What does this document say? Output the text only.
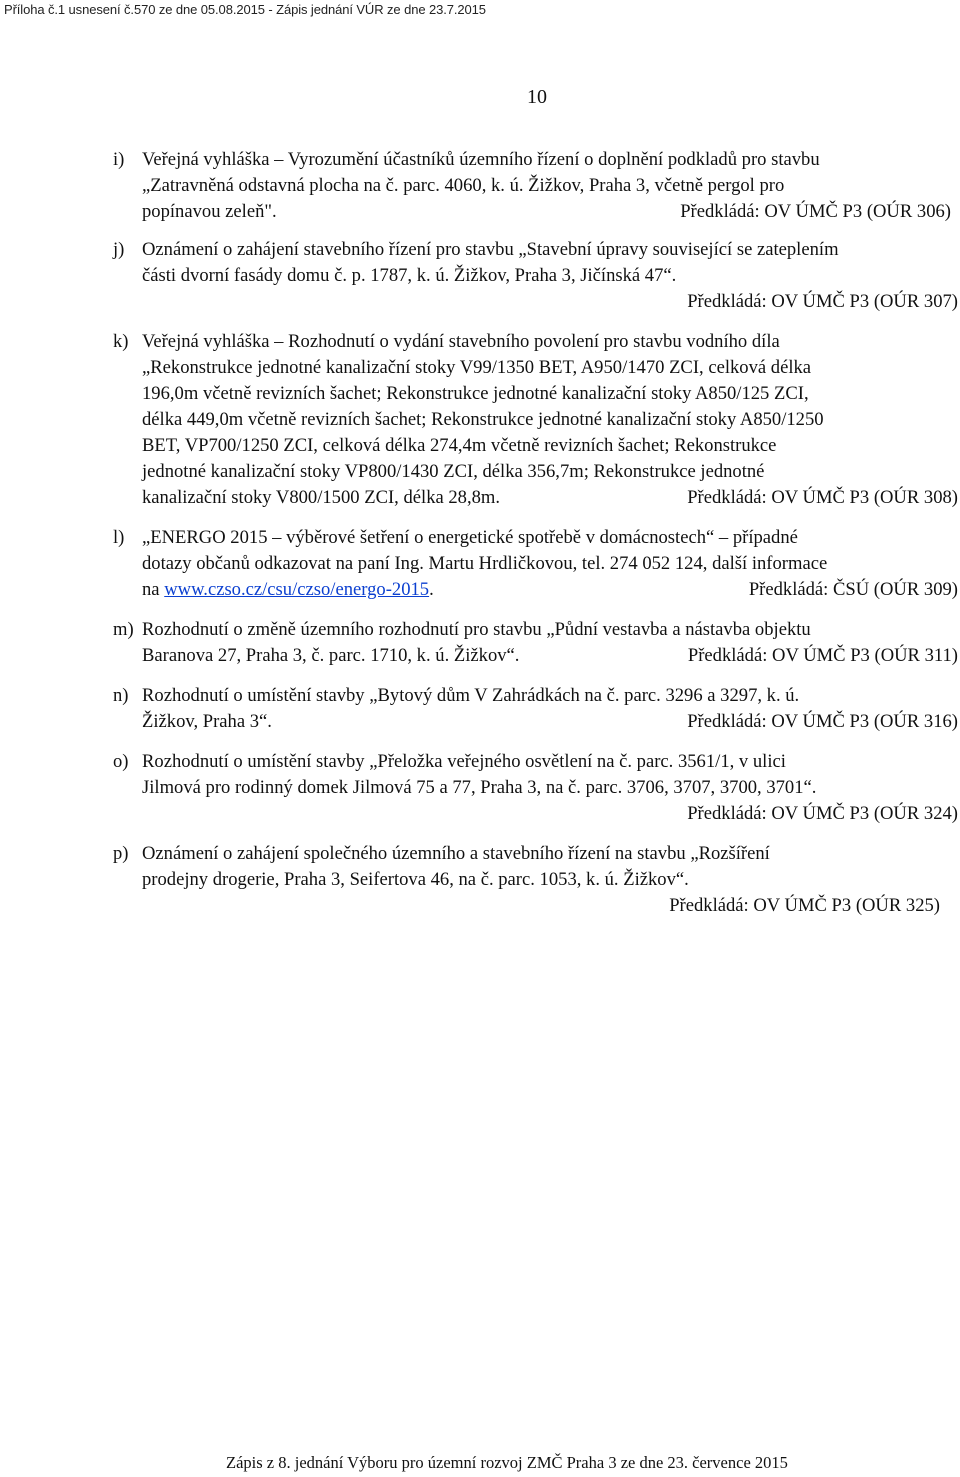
Příloha č.1 usnesení č.570 ze dne 05.08.2015 - Zápis jednání VÚR ze dne 23.7.2015
10
i) Veřejná vyhláška – Vyrozumění účastníků územního řízení o doplnění podkladů pro stavbu
„Zatravněná odstavná plocha na č. parc. 4060, k. ú. Žižkov, Praha 3, včetně pergol pro
popínavou zeleň".	Předkládá: OV ÚMČ P3 (OÚR 306)
j) Oznámení o zahájení stavebního řízení pro stavbu „Stavební úpravy související se zateplením
části dvorní fasády domu č. p. 1787, k. ú. Žižkov, Praha 3, Jičínská 47“.
Předkládá: OV ÚMČ P3 (OÚR 307)
k) Veřejná vyhláška – Rozhodnutí o vydání stavebního povolení pro stavbu vodního díla
„Rekonstrukce jednotné kanalizační stoky V99/1350 BET, A950/1470 ZCI, celková délka
196,0m včetně revizních šachet; Rekonstrukce jednotné kanalizační stoky A850/125 ZCI,
délka 449,0m včetně revizních šachet; Rekonstrukce jednotné kanalizační stoky A850/1250
BET, VP700/1250 ZCI, celková délka 274,4m včetně revizních šachet; Rekonstrukce
jednotné kanalizační stoky VP800/1430 ZCI, délka 356,7m; Rekonstrukce jednotné
kanalizační stoky V800/1500 ZCI, délka 28,8m.	Předkládá: OV ÚMČ P3 (OÚR 308)
l) „ENERGO 2015 – výběrové šetření o energetické spotřebě v domácnostech“ – případné
dotazy občanů odkazovat na paní Ing. Martu Hrdličkovou, tel. 274 052 124, další informace
na www.czso.cz/csu/czso/energo-2015.	Předkládá: ČSÚ (OÚR 309)
m) Rozhodnutí o změně územního rozhodnutí pro stavbu „Půdní vestavba a nástavba objektu
Baranova 27, Praha 3, č. parc. 1710, k. ú. Žižkov“.	Předkládá: OV ÚMČ P3 (OÚR 311)
n) Rozhodnutí o umístění stavby „Bytový dům V Zahrádkách na č. parc. 3296 a 3297, k. ú.
Žižkov, Praha 3“.	Předkládá: OV ÚMČ P3 (OÚR 316)
o) Rozhodnutí o umístění stavby „Přeložka veřejného osvětlení na č. parc. 3561/1, v ulici
Jilmová pro rodinný domek Jilmová 75 a 77, Praha 3, na č. parc. 3706, 3707, 3700, 3701“.
Předkládá: OV ÚMČ P3 (OÚR 324)
p) Oznámení o zahájení společného územního a stavebního řízení na stavbu „Rozšíření
prodejny drogerie, Praha 3, Seifertova 46, na č. parc. 1053, k. ú. Žižkov“.
Předkládá: OV ÚMČ P3 (OÚR 325)
Zápis z 8. jednání Výboru pro územní rozvoj ZMČ Praha 3 ze dne 23. července 2015
